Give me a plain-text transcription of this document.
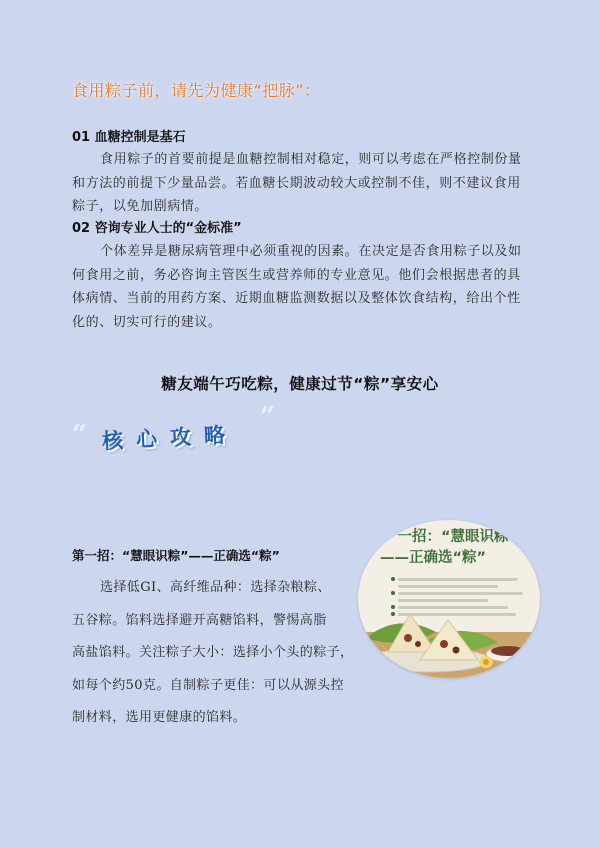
食用粽子前，请先为健康“把脉”：
01 血糖控制是基石
食用粽子的首要前提是血糖控制相对稳定，则可以考虑在严格控制份量和方法的前提下少量品尝。若血糖长期波动较大或控制不佳，则不建议食用粽子，以免加剧病情。
02 咨询专业人士的“金标准”
个体差异是糖尿病管理中必须重视的因素。在决定是否食用粽子以及如何食用之前，务必咨询主管医生或营养师的专业意见。他们会根据患者的具体病情、当前的用药方案、近期血糖监测数据以及整体饮食结构，给出个性化的、切实可行的建议。
糖友端午巧吃粽，健康过节“粽”享安心
“ 核心攻略
”
第一招：“慧眼识粽”——正确选“粽”
选择低GI、高纤维品种：选择杂粮粽、
五谷粽。馅料选择避开高糖馅料，警惕高脂
高盐馅料。关注粽子大小：选择小个头的粽子，
如每个约50克。自制粽子更佳：可以从源头控
制材料，选用更健康的馅料。
一招：“慧眼识粽
——正确选“粽”
